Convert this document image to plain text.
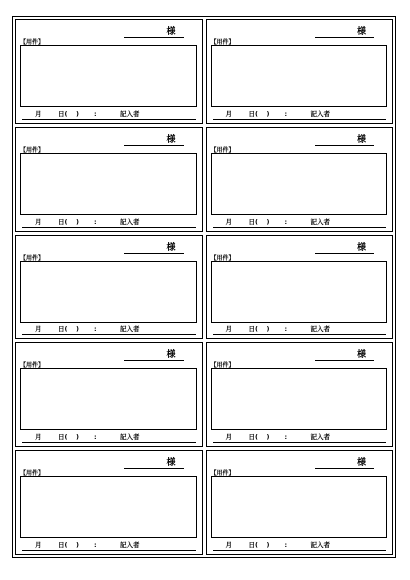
様
【用件】
月	日( ) :	記入者
様
【用件】
月	日( ) :	記入者
様
【用件】
月	日( ) :	記入者
様
【用件】
月	日( ) :	記入者
様
【用件】
月	日( ) :	記入者
様
【用件】
月	日( ) :	記入者
様
【用件】
月	日( ) :	記入者
様
【用件】
月	日( ) :	記入者
様
【用件】
月	日( ) :	記入者
様
【用件】
月	日( ) :	記入者
